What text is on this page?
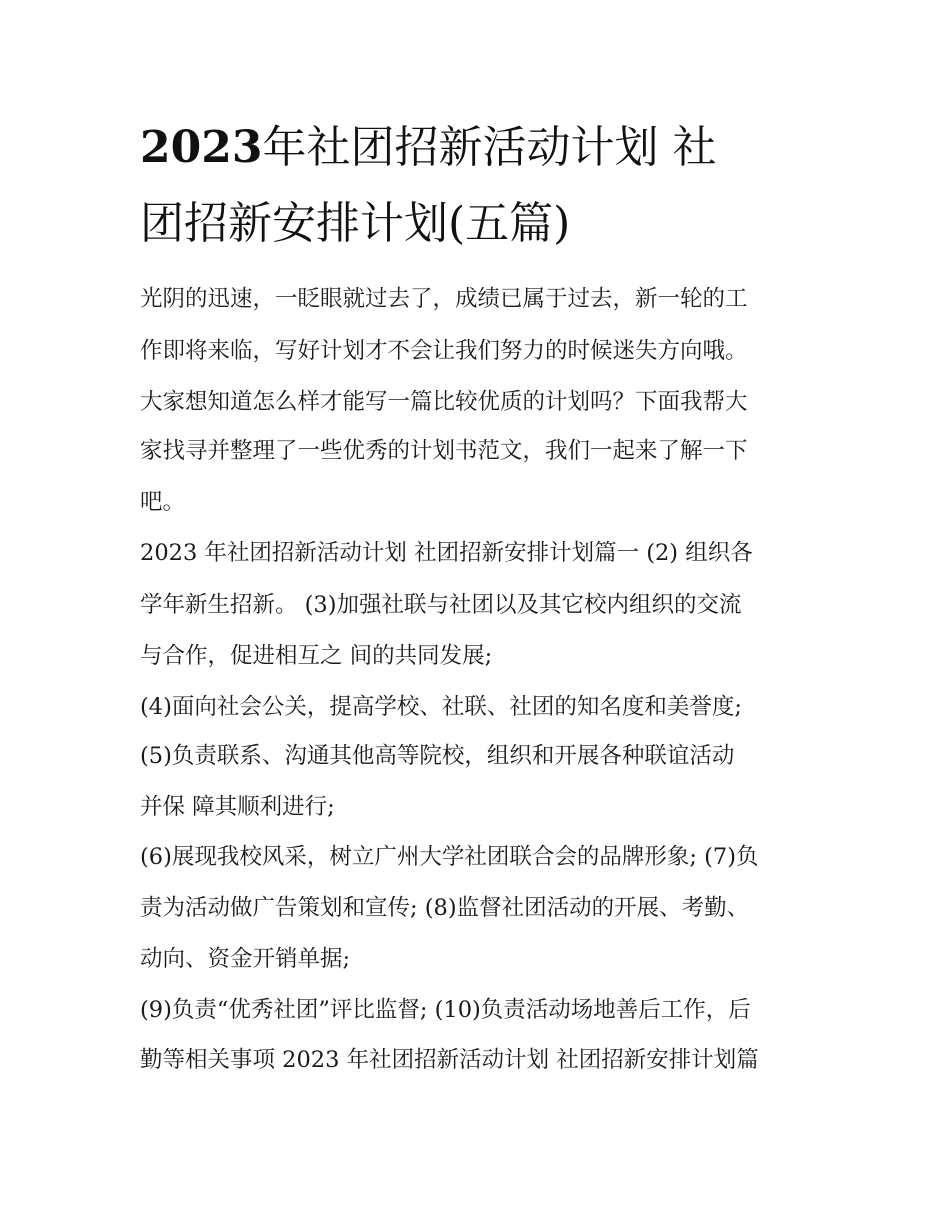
2023年社团招新活动计划 社
团招新安排计划(五篇)
光阴的迅速，一眨眼就过去了，成绩已属于过去，新一轮的工
作即将来临，写好计划才不会让我们努力的时候迷失方向哦。
大家想知道怎么样才能写一篇比较优质的计划吗？下面我帮大
家找寻并整理了一些优秀的计划书范文，我们一起来了解一下
吧。
2023 年社团招新活动计划 社团招新安排计划篇一 (2) 组织各
学年新生招新。 (3)加强社联与社团以及其它校内组织的交流
与合作，促进相互之 间的共同发展;
(4)面向社会公关，提高学校、社联、社团的知名度和美誉度;
(5)负责联系、沟通其他高等院校，组织和开展各种联谊活动
并保 障其顺利进行;
(6)展现我校风采，树立广州大学社团联合会的品牌形象; (7)负
责为活动做广告策划和宣传; (8)监督社团活动的开展、考勤、
动向、资金开销单据;
(9)负责“优秀社团”评比监督; (10)负责活动场地善后工作，后
勤等相关事项 2023 年社团招新活动计划 社团招新安排计划篇
